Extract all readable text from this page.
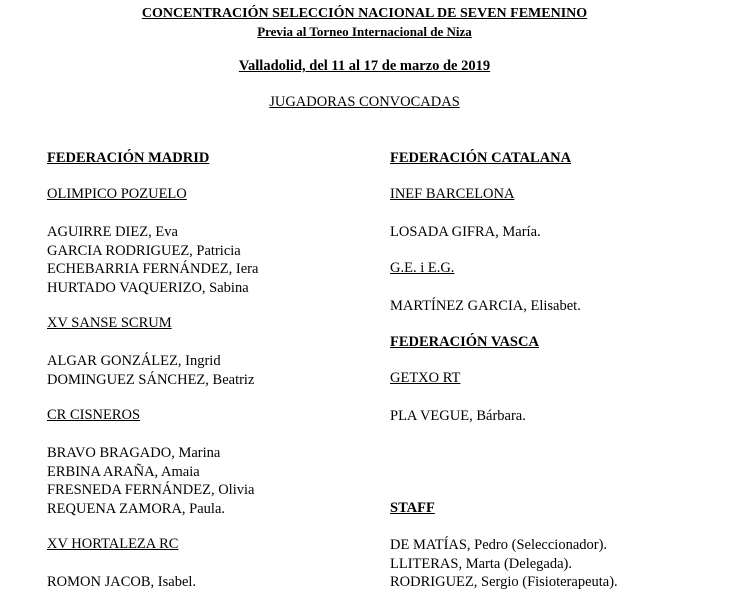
CONCENTRACIÓN SELECCIÓN NACIONAL DE SEVEN FEMENINO
Previa al Torneo Internacional de Niza
Valladolid, del 11 al 17 de marzo de 2019
JUGADORAS CONVOCADAS
FEDERACIÓN MADRID
OLIMPICO POZUELO
AGUIRRE DIEZ, Eva
GARCIA RODRIGUEZ, Patricia
ECHEBARRIA FERNÁNDEZ, Iera
HURTADO VAQUERIZO, Sabina
XV SANSE SCRUM
ALGAR GONZÁLEZ, Ingrid
DOMINGUEZ SÁNCHEZ, Beatriz
CR CISNEROS
BRAVO BRAGADO, Marina
ERBINA ARAÑA, Amaia
FRESNEDA FERNÁNDEZ, Olivia
REQUENA ZAMORA, Paula.
XV HORTALEZA RC
ROMON JACOB, Isabel.
FEDERACIÓN CATALANA
INEF BARCELONA
LOSADA GIFRA, María.
G.E. i E.G.
MARTÍNEZ GARCIA, Elisabet.
FEDERACIÓN VASCA
GETXO RT
PLA VEGUE, Bárbara.
STAFF
DE MATÍAS, Pedro (Seleccionador).
LLITERAS, Marta (Delegada).
RODRIGUEZ, Sergio (Fisioterapeuta).
